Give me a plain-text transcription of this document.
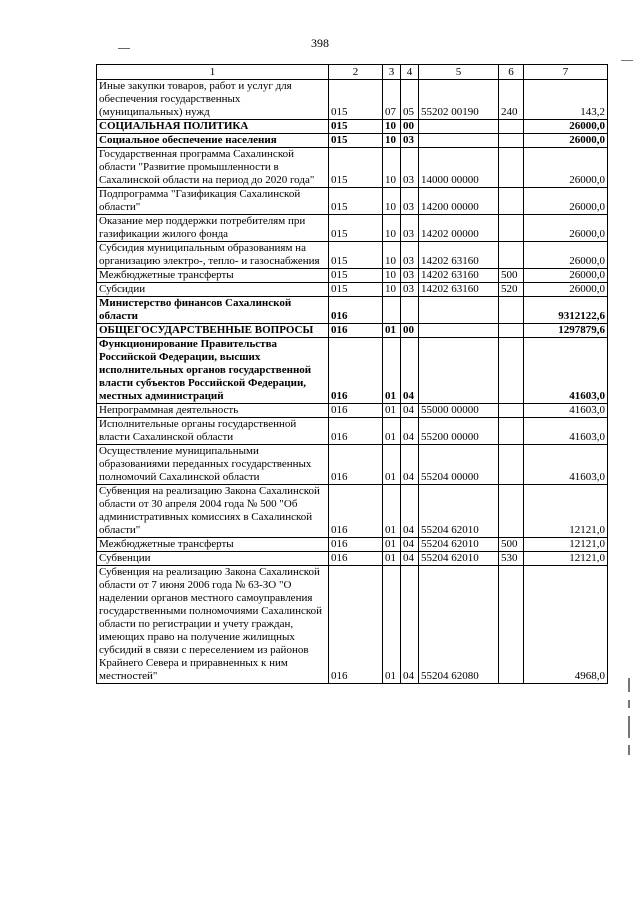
398
1	2	3	4	5	6	7
Иные закупки товаров, работ и услуг для обеспечения государственных (муниципальных) нужд	015	07	05	55202 00190	240	143,2
СОЦИАЛЬНАЯ ПОЛИТИКА	015	10	00			26000,0
Социальное обеспечение населения	015	10	03			26000,0
Государственная программа Сахалинской области "Развитие промышленности в Сахалинской области на период до 2020 года"	015	10	03	14000 00000		26000,0
Подпрограмма "Газификация Сахалинской области"	015	10	03	14200 00000		26000,0
Оказание мер поддержки потребителям при газификации жилого фонда	015	10	03	14202 00000		26000,0
Субсидия муниципальным образованиям на организацию электро-, тепло- и газоснабжения	015	10	03	14202 63160		26000,0
Межбюджетные трансферты	015	10	03	14202 63160	500	26000,0
Субсидии	015	10	03	14202 63160	520	26000,0
Министерство финансов Сахалинской области	016					9312122,6
ОБЩЕГОСУДАРСТВЕННЫЕ ВОПРОСЫ	016	01	00			1297879,6
Функционирование Правительства Российской Федерации, высших исполнительных органов государственной власти субъектов Российской Федерации, местных администраций	016	01	04			41603,0
Непрограммная деятельность	016	01	04	55000 00000		41603,0
Исполнительные органы государственной власти Сахалинской области	016	01	04	55200 00000		41603,0
Осуществление муниципальными образованиями переданных государственных полномочий Сахалинской области	016	01	04	55204 00000		41603,0
Субвенция на реализацию Закона Сахалинской области от 30 апреля 2004 года № 500 "Об административных комиссиях в Сахалинской области"	016	01	04	55204 62010		12121,0
Межбюджетные трансферты	016	01	04	55204 62010	500	12121,0
Субвенции	016	01	04	55204 62010	530	12121,0
Субвенция на реализацию Закона Сахалинской области от 7 июня 2006 года № 63-ЗО "О наделении органов местного самоуправления государственными полномочиями Сахалинской области по регистрации и учету граждан, имеющих право на получение жилищных субсидий в связи с переселением из районов Крайнего Севера и приравненных к ним местностей"	016	01	04	55204 62080		4968,0
